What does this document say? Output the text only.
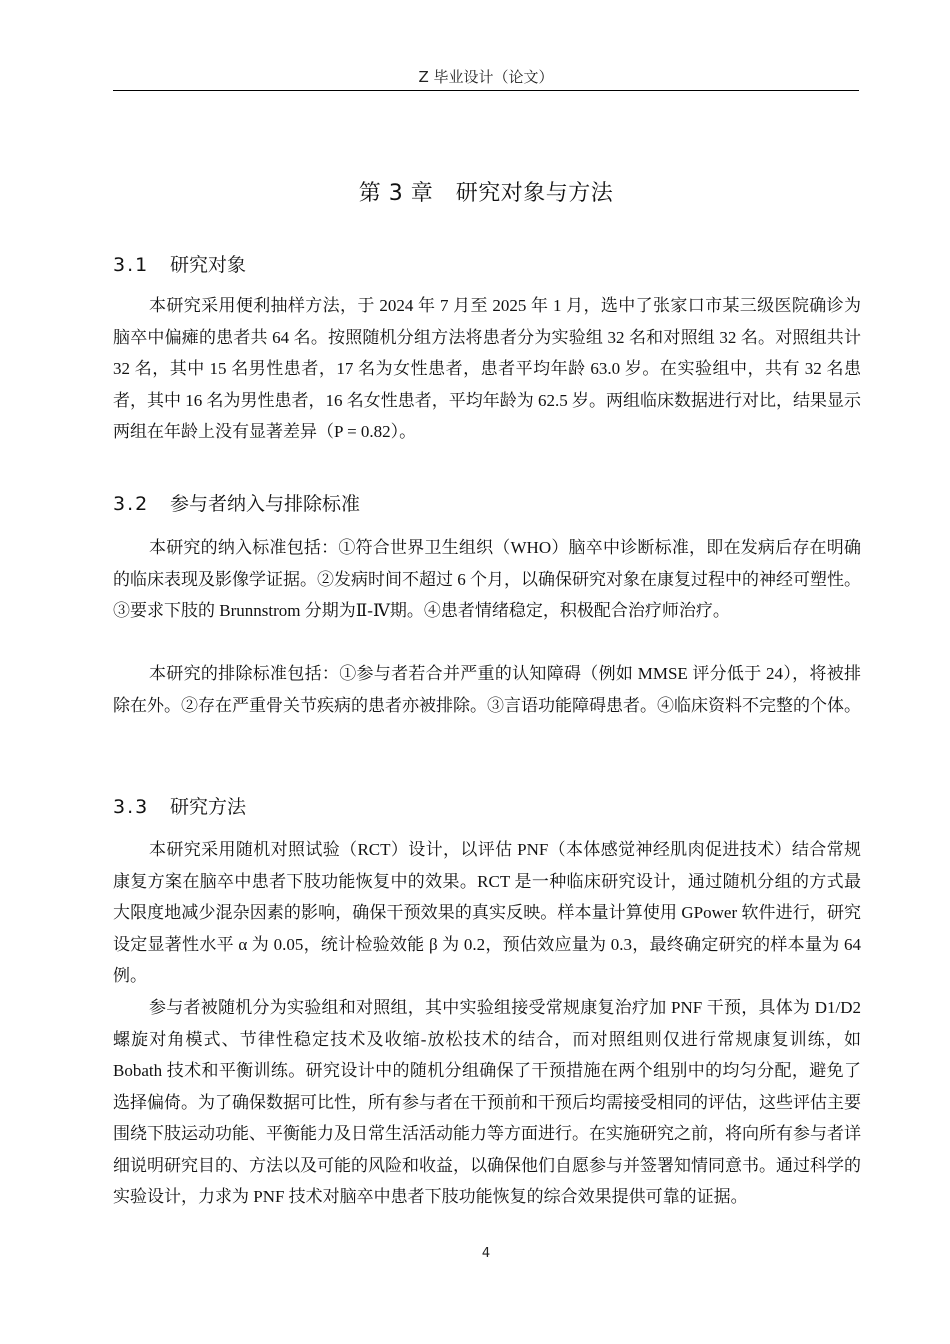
Z 毕业设计（论文）
第 3 章　研究对象与方法
3.1 研究对象

本研究采用便利抽样方法，于 2024 年 7 月至 2025 年 1 月，选中了张家口市某三级医院确诊为脑卒中偏瘫的患者共 64 名。按照随机分组方法将患者分为实验组 32 名和对照组 32 名。对照组共计 32 名，其中 15 名男性患者，17 名为女性患者，患者平均年龄 63.0 岁。在实验组中，共有 32 名患者，其中 16 名为男性患者，16 名女性患者，平均年龄为 62.5 岁。两组临床数据进行对比，结果显示两组在年龄上没有显著差异（P = 0.82）。

3.2 参与者纳入与排除标准

本研究的纳入标准包括：①符合世界卫生组织（WHO）脑卒中诊断标准，即在发病后存在明确的临床表现及影像学证据。②发病时间不超过 6 个月，以确保研究对象在康复过程中的神经可塑性。③要求下肢的 Brunnstrom 分期为Ⅱ-Ⅳ期。④患者情绪稳定，积极配合治疗师治疗。

本研究的排除标准包括：①参与者若合并严重的认知障碍（例如 MMSE 评分低于 24），将被排除在外。②存在严重骨关节疾病的患者亦被排除。③言语功能障碍患者。④临床资料不完整的个体。

3.3 研究方法

本研究采用随机对照试验（RCT）设计，以评估 PNF（本体感觉神经肌肉促进技术）结合常规康复方案在脑卒中患者下肢功能恢复中的效果。RCT 是一种临床研究设计，通过随机分组的方式最大限度地减少混杂因素的影响，确保干预效果的真实反映。样本量计算使用 GPower 软件进行，研究设定显著性水平 α 为 0.05，统计检验效能 β 为 0.2，预估效应量为 0.3，最终确定研究的样本量为 64 例。

参与者被随机分为实验组和对照组，其中实验组接受常规康复治疗加 PNF 干预，具体为 D1/D2 螺旋对角模式、节律性稳定技术及收缩-放松技术的结合，而对照组则仅进行常规康复训练，如 Bobath 技术和平衡训练。研究设计中的随机分组确保了干预措施在两个组别中的均匀分配，避免了选择偏倚。为了确保数据可比性，所有参与者在干预前和干预后均需接受相同的评估，这些评估主要围绕下肢运动功能、平衡能力及日常生活活动能力等方面进行。在实施研究之前，将向所有参与者详细说明研究目的、方法以及可能的风险和收益，以确保他们自愿参与并签署知情同意书。通过科学的实验设计，力求为 PNF 技术对脑卒中患者下肢功能恢复的综合效果提供可靠的证据。

4
